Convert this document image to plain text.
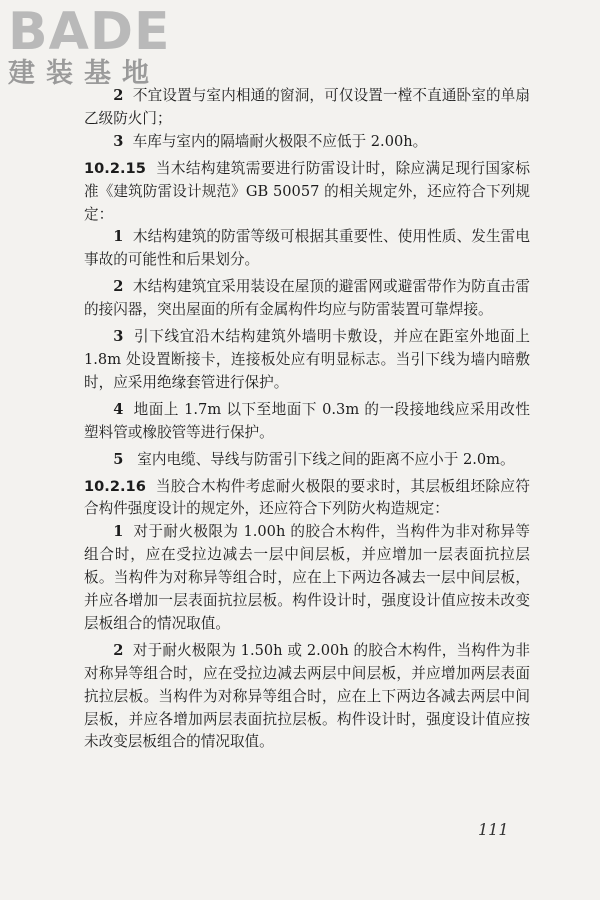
BADE
建装基地

2 不宜设置与室内相通的窗洞，可仅设置一樘不直通卧室的单扇乙级防火门；

3 车库与室内的隔墙耐火极限不应低于 2.00h。

10.2.15 当木结构建筑需要进行防雷设计时，除应满足现行国家标准《建筑防雷设计规范》GB 50057 的相关规定外，还应符合下列规定：

1 木结构建筑的防雷等级可根据其重要性、使用性质、发生雷电事故的可能性和后果划分。

2 木结构建筑宜采用装设在屋顶的避雷网或避雷带作为防直击雷的接闪器，突出屋面的所有金属构件均应与防雷装置可靠焊接。

3 引下线宜沿木结构建筑外墙明卡敷设，并应在距室外地面上 1.8m 处设置断接卡，连接板处应有明显标志。当引下线为墙内暗敷时，应采用绝缘套管进行保护。

4 地面上 1.7m 以下至地面下 0.3m 的一段接地线应采用改性塑料管或橡胶管等进行保护。

5 室内电缆、导线与防雷引下线之间的距离不应小于 2.0m。

10.2.16 当胶合木构件考虑耐火极限的要求时，其层板组坯除应符合构件强度设计的规定外，还应符合下列防火构造规定：

1 对于耐火极限为 1.00h 的胶合木构件，当构件为非对称异等组合时，应在受拉边减去一层中间层板，并应增加一层表面抗拉层板。当构件为对称异等组合时，应在上下两边各减去一层中间层板，并应各增加一层表面抗拉层板。构件设计时，强度设计值应按未改变层板组合的情况取值。

2 对于耐火极限为 1.50h 或 2.00h 的胶合木构件，当构件为非对称异等组合时，应在受拉边减去两层中间层板，并应增加两层表面抗拉层板。当构件为对称异等组合时，应在上下两边各减去两层中间层板，并应各增加两层表面抗拉层板。构件设计时，强度设计值应按未改变层板组合的情况取值。

111
